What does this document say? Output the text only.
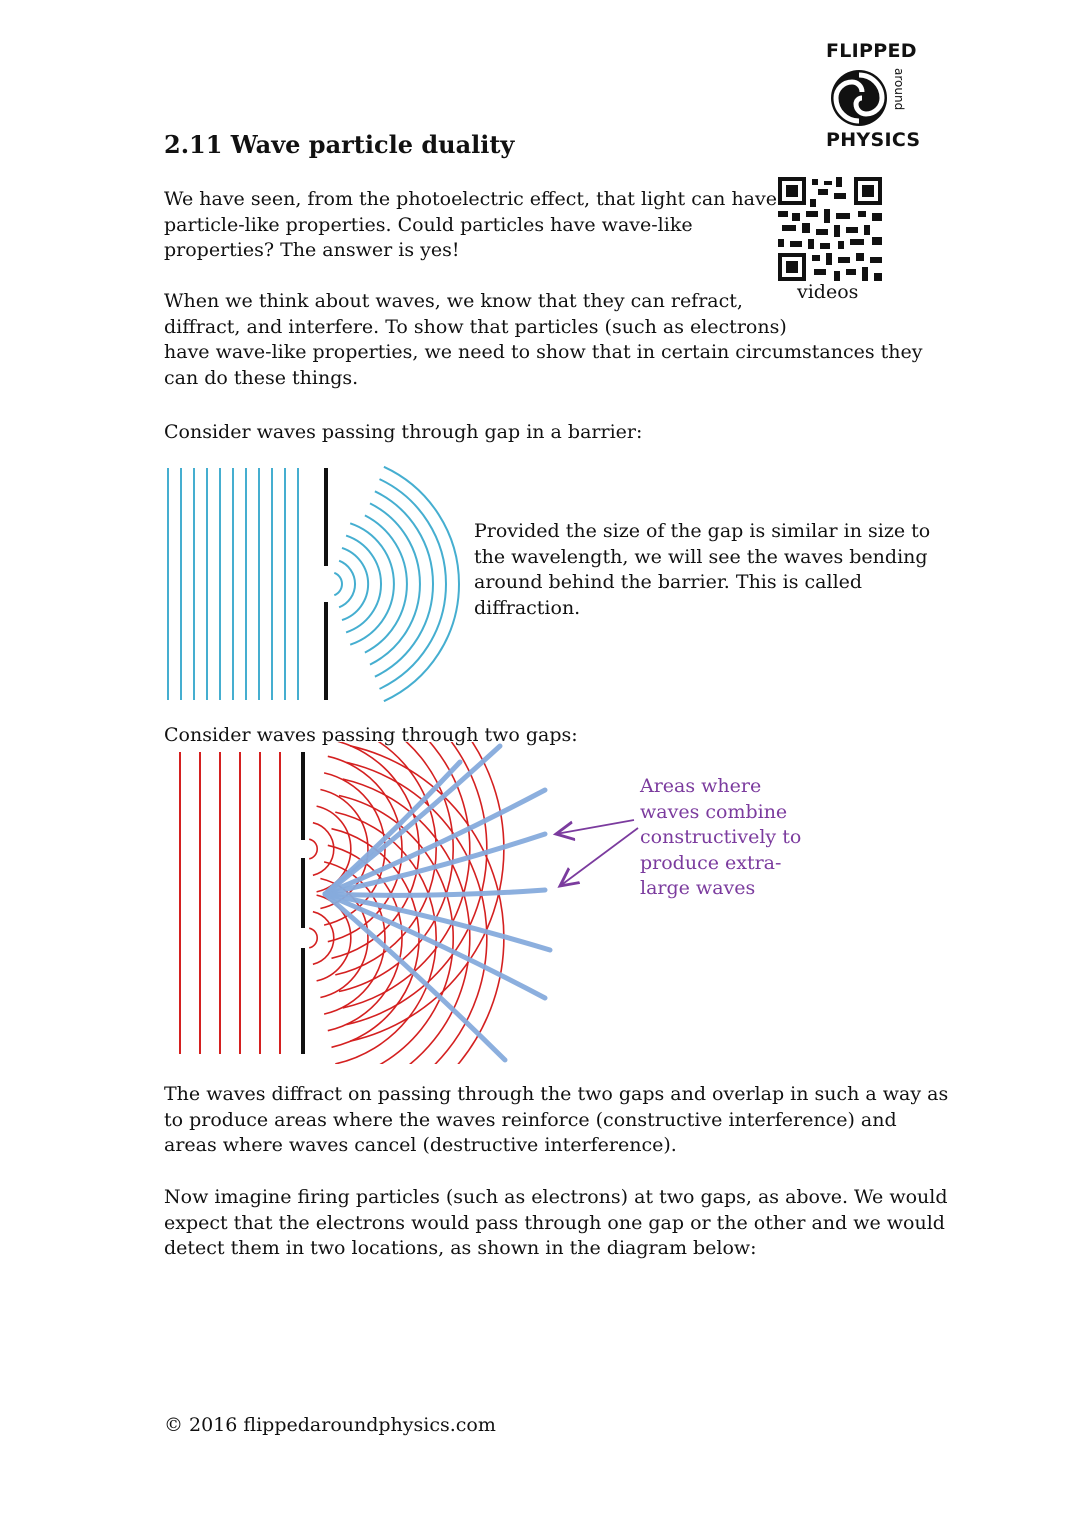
FLIPPED
around
PHYSICS
videos
2.11 Wave particle duality

We have seen, from the photoelectric effect, that light can have

particle-like properties. Could particles have wave-like

properties? The answer is yes!

When we think about waves, we know that they can refract,

diffract, and interfere. To show that particles (such as electrons)

have wave-like properties, we need to show that in certain circumstances they

can do these things.

Consider waves passing through gap in a barrier:

Provided the size of the gap is similar in size to

the wavelength, we will see the waves bending

around behind the barrier. This is called

diffraction.

Consider waves passing through two gaps:

Areas where

waves combine

constructively to

produce extra-

large waves

The waves diffract on passing through the two gaps and overlap in such a way as

to produce areas where the waves reinforce (constructive interference) and

areas where waves cancel (destructive interference).

Now imagine firing particles (such as electrons) at two gaps, as above. We would

expect that the electrons would pass through one gap or the other and we would

detect them in two locations, as shown in the diagram below:

© 2016 flippedaroundphysics.com
